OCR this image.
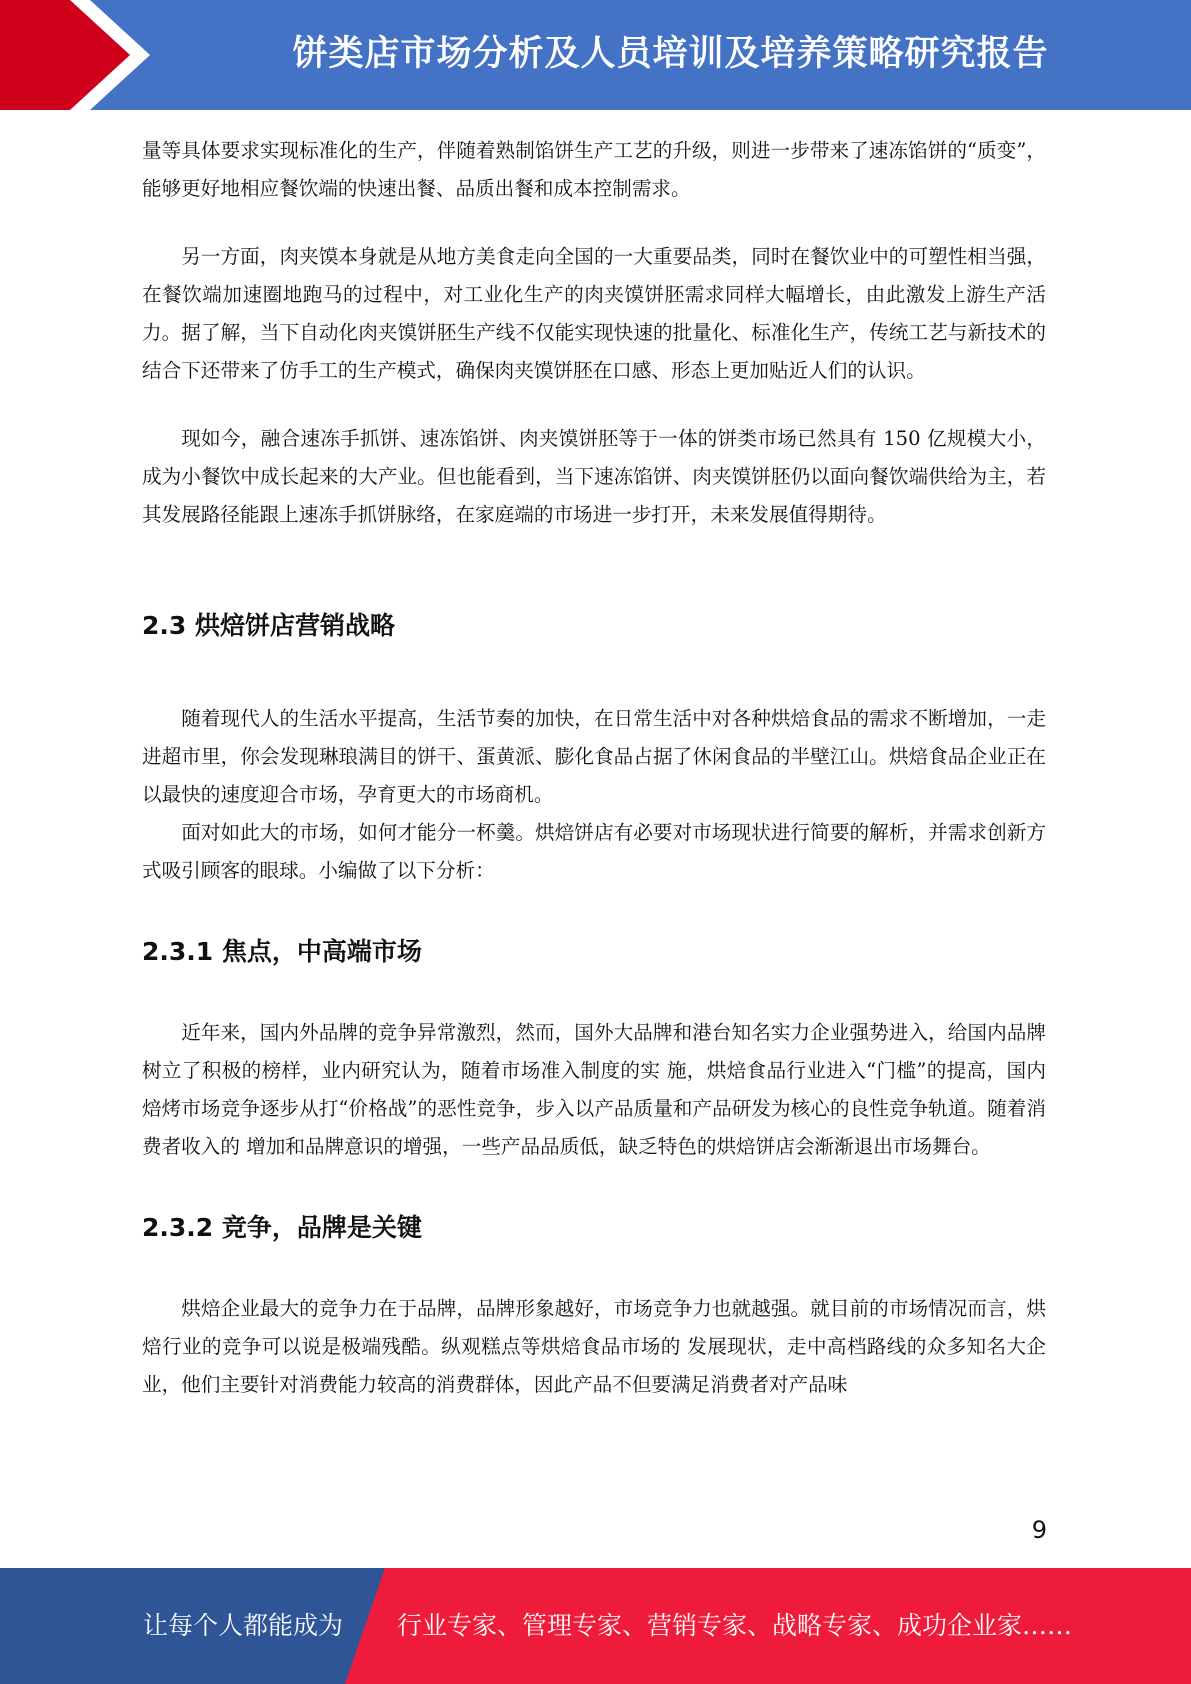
饼类店市场分析及人员培训及培养策略研究报告

量等具体要求实现标准化的生产，伴随着熟制馅饼生产工艺的升级，则进一步带来了速冻馅饼的“质变”，能够更好地相应餐饮端的快速出餐、品质出餐和成本控制需求。

另一方面，肉夹馍本身就是从地方美食走向全国的一大重要品类，同时在餐饮业中的可塑性相当强，在餐饮端加速圈地跑马的过程中，对工业化生产的肉夹馍饼胚需求同样大幅增长，由此激发上游生产活力。据了解，当下自动化肉夹馍饼胚生产线不仅能实现快速的批量化、标准化生产，传统工艺与新技术的结合下还带来了仿手工的生产模式，确保肉夹馍饼胚在口感、形态上更加贴近人们的认识。

现如今，融合速冻手抓饼、速冻馅饼、肉夹馍饼胚等于一体的饼类市场已然具有 150 亿规模大小，成为小餐饮中成长起来的大产业。但也能看到，当下速冻馅饼、肉夹馍饼胚仍以面向餐饮端供给为主，若其发展路径能跟上速冻手抓饼脉络，在家庭端的市场进一步打开，未来发展值得期待。

2.3 烘焙饼店营销战略

随着现代人的生活水平提高，生活节奏的加快，在日常生活中对各种烘焙食品的需求不断增加，一走进超市里，你会发现琳琅满目的饼干、蛋黄派、膨化食品占据了休闲食品的半壁江山。烘焙食品企业正在以最快的速度迎合市场，孕育更大的市场商机。

面对如此大的市场，如何才能分一杯羹。烘焙饼店有必要对市场现状进行简要的解析，并需求创新方式吸引顾客的眼球。小编做了以下分析：

2.3.1 焦点，中高端市场

近年来，国内外品牌的竞争异常激烈，然而，国外大品牌和港台知名实力企业强势进入，给国内品牌树立了积极的榜样，业内研究认为，随着市场准入制度的实 施，烘焙食品行业进入“门槛”的提高，国内焙烤市场竞争逐步从打“价格战”的恶性竞争，步入以产品质量和产品研发为核心的良性竞争轨道。随着消费者收入的 增加和品牌意识的增强，一些产品品质低，缺乏特色的烘焙饼店会渐渐退出市场舞台。

2.3.2 竞争，品牌是关键

烘焙企业最大的竞争力在于品牌，品牌形象越好，市场竞争力也就越强。就目前的市场情况而言，烘焙行业的竞争可以说是极端残酷。纵观糕点等烘焙食品市场的 发展现状，走中高档路线的众多知名大企业，他们主要针对消费能力较高的消费群体，因此产品不但要满足消费者对产品味

9
让每个人都能成为 行业专家、管理专家、营销专家、战略专家、成功企业家……
